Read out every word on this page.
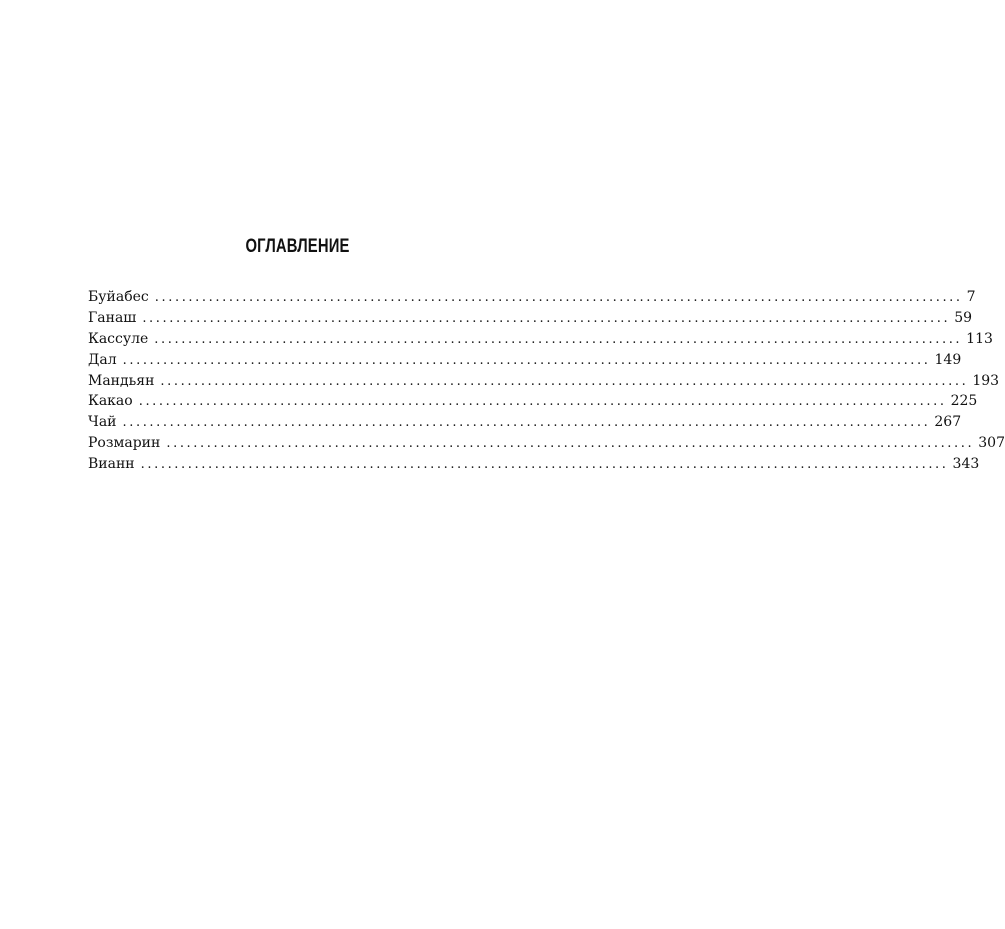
ОГЛАВЛЕНИЕ
Буйабес ........................................................................................................................ 7
Ганаш ........................................................................................................................ 59
Кассуле ........................................................................................................................ 113
Дал ........................................................................................................................ 149
Мандьян ........................................................................................................................ 193
Какао ........................................................................................................................ 225
Чай ........................................................................................................................ 267
Розмарин ........................................................................................................................ 307
Вианн ........................................................................................................................ 343
